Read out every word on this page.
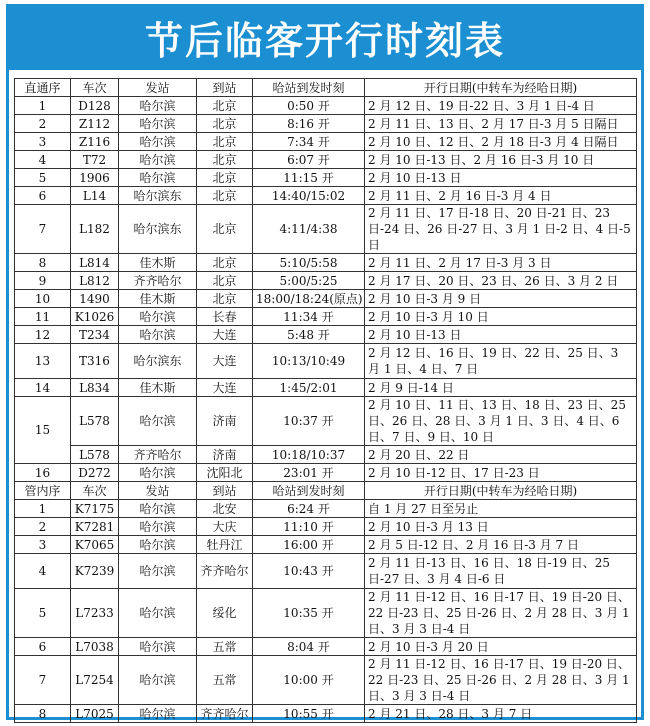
节后临客开行时刻表
直通序	车次	发站	到站	哈站到发时刻	开行日期(中转车为经哈日期)
1	D128	哈尔滨	北京	0:50 开	2 月 12 日、19 日-22 日、3 月 1 日-4 日
2	Z112	哈尔滨	北京	8:16 开	2 月 11 日、13 日、2 月 17 日-3 月 5 日隔日
3	Z116	哈尔滨	北京	7:34 开	2 月 10 日、12 日、2 月 18 日-3 月 4 日隔日
4	T72	哈尔滨	北京	6:07 开	2 月 10 日-13 日、2 月 16 日-3 月 10 日
5	1906	哈尔滨	北京	11:15 开	2 月 10 日-13 日
6	L14	哈尔滨东	北京	14:40/15:02	2 月 11 日、2 月 16 日-3 月 4 日
7	L182	哈尔滨东	北京	4:11/4:38	2 月 11 日、17 日-18 日、20 日-21 日、23 日-24 日、26 日-27 日、3 月 1 日-2 日、4 日-5 日
8	L814	佳木斯	北京	5:10/5:58	2 月 11 日、2 月 17 日-3 月 3 日
9	L812	齐齐哈尔	北京	5:00/5:25	2 月 17 日、20 日、23 日、26 日、3 月 2 日
10	1490	佳木斯	北京	18:00/18:24(原点)	2 月 10 日-3 月 9 日
11	K1026	哈尔滨	长春	11:34 开	2 月 10 日-3 月 10 日
12	T234	哈尔滨	大连	5:48 开	2 月 10 日-13 日
13	T316	哈尔滨东	大连	10:13/10:49	2 月 12 日、16 日、19 日、22 日、25 日、3 月 1 日、4 日、7 日
14	L834	佳木斯	大连	1:45/2:01	2 月 9 日-14 日
15	L578	哈尔滨	济南	10:37 开	2 月 10 日、11 日、13 日、18 日、23 日、25 日、26 日、28 日、3 月 1 日、3 日、4 日、6 日、7 日、9 日、10 日
	L578	齐齐哈尔	济南	10:18/10:37	2 月 20 日、22 日
16	D272	哈尔滨	沈阳北	23:01 开	2 月 10 日-12 日、17 日-23 日
管内序	车次	发站	到站	哈站到发时刻	开行日期(中转车为经哈日期)
1	K7175	哈尔滨	北安	6:24 开	自 1 月 27 日至另止
2	K7281	哈尔滨	大庆	11:10 开	2 月 10 日-3 月 13 日
3	K7065	哈尔滨	牡丹江	16:00 开	2 月 5 日-12 日、2 月 16 日-3 月 7 日
4	K7239	哈尔滨	齐齐哈尔	10:43 开	2 月 11 日-13 日、16 日、18 日-19 日、25 日-27 日、3 月 4 日-6 日
5	L7233	哈尔滨	绥化	10:35 开	2 月 11 日-12 日、16 日-17 日、19 日-20 日、22 日-23 日、25 日-26 日、2 月 28 日、3 月 1 日、3 月 3 日-4 日
6	L7038	哈尔滨	五常	8:04 开	2 月 10 日-3 月 20 日
7	L7254	哈尔滨	五常	10:00 开	2 月 11 日-12 日、16 日-17 日、19 日-20 日、22 日-23 日、25 日-26 日、2 月 28 日、3 月 1 日、3 月 3 日-4 日
8	L7025	哈尔滨	齐齐哈尔	10:55 开	2 月 21 日、28 日、3 月 7 日
